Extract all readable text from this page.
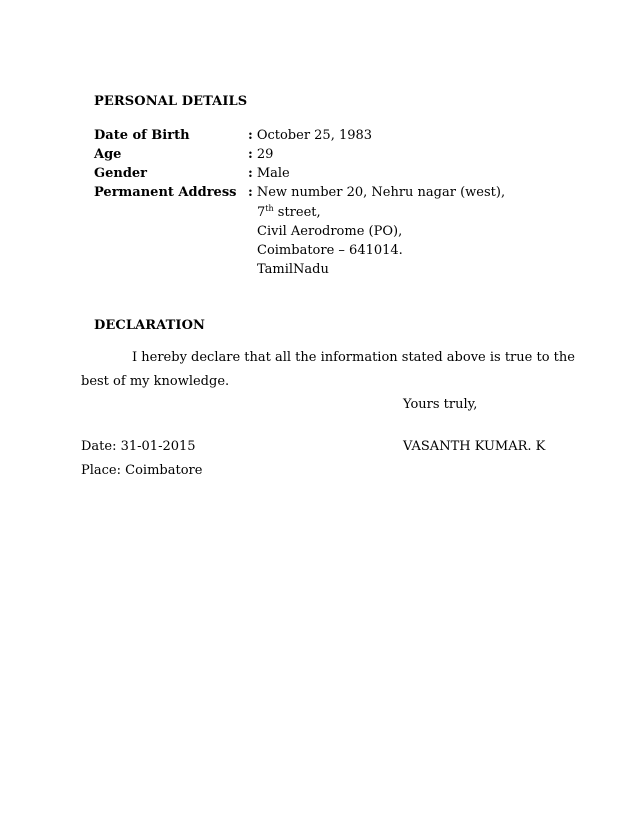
PERSONAL DETAILS
Date of Birth	: October 25, 1983
Age	: 29
Gender	: Male
Permanent Address : New number 20, Nehru nagar (west),
7th street,
Civil Aerodrome (PO),
Coimbatore – 641014.
TamilNadu
DECLARATION
I hereby declare that all the information stated above is true to the
best of my knowledge.
Yours truly,
Date: 31-01-2015	VASANTH KUMAR. K
Place: Coimbatore
